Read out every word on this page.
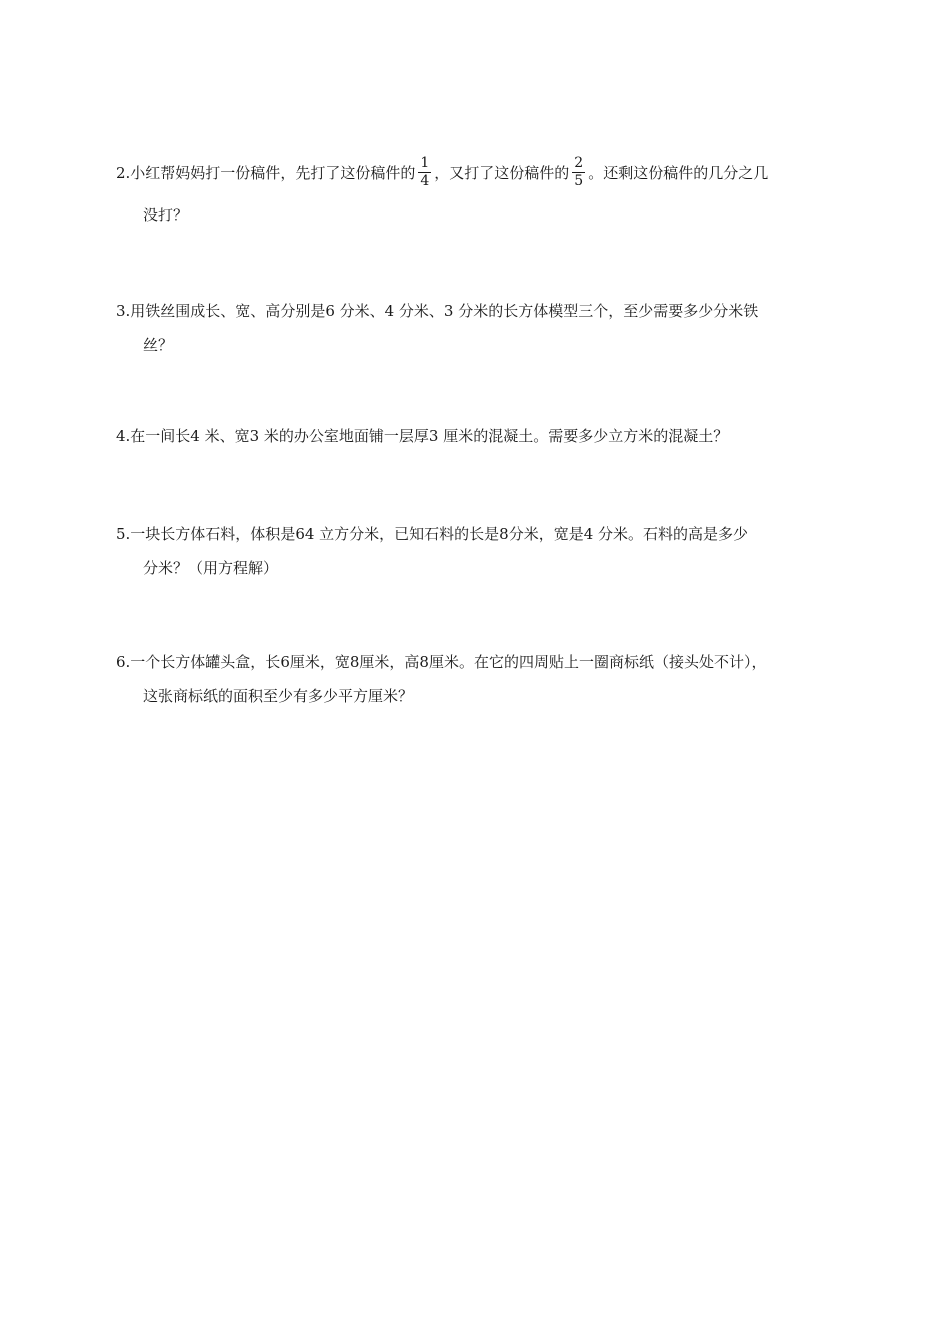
2.小红帮妈妈打一份稿件，先打了这份稿件的 $\frac{1}{4}$ ，又打了这份稿件的 $\frac{2}{5}$ 。还剩这份稿件的几分之几
没打？
3.用铁丝围成长、宽、高分别是6 分米、4 分米、3 分米的长方体模型三个，至少需要多少分米铁
丝？
4.在一间长4 米、宽3 米的办公室地面铺一层厚3 厘米的混凝土。需要多少立方米的混凝土？
5.一块长方体石料，体积是64 立方分米，已知石料的长是8分米，宽是4 分米。石料的高是多少
分米？（用方程解）
6.一个长方体罐头盒，长6厘米，宽8厘米，高8厘米。在它的四周贴上一圈商标纸（接头处不计），
这张商标纸的面积至少有多少平方厘米？
